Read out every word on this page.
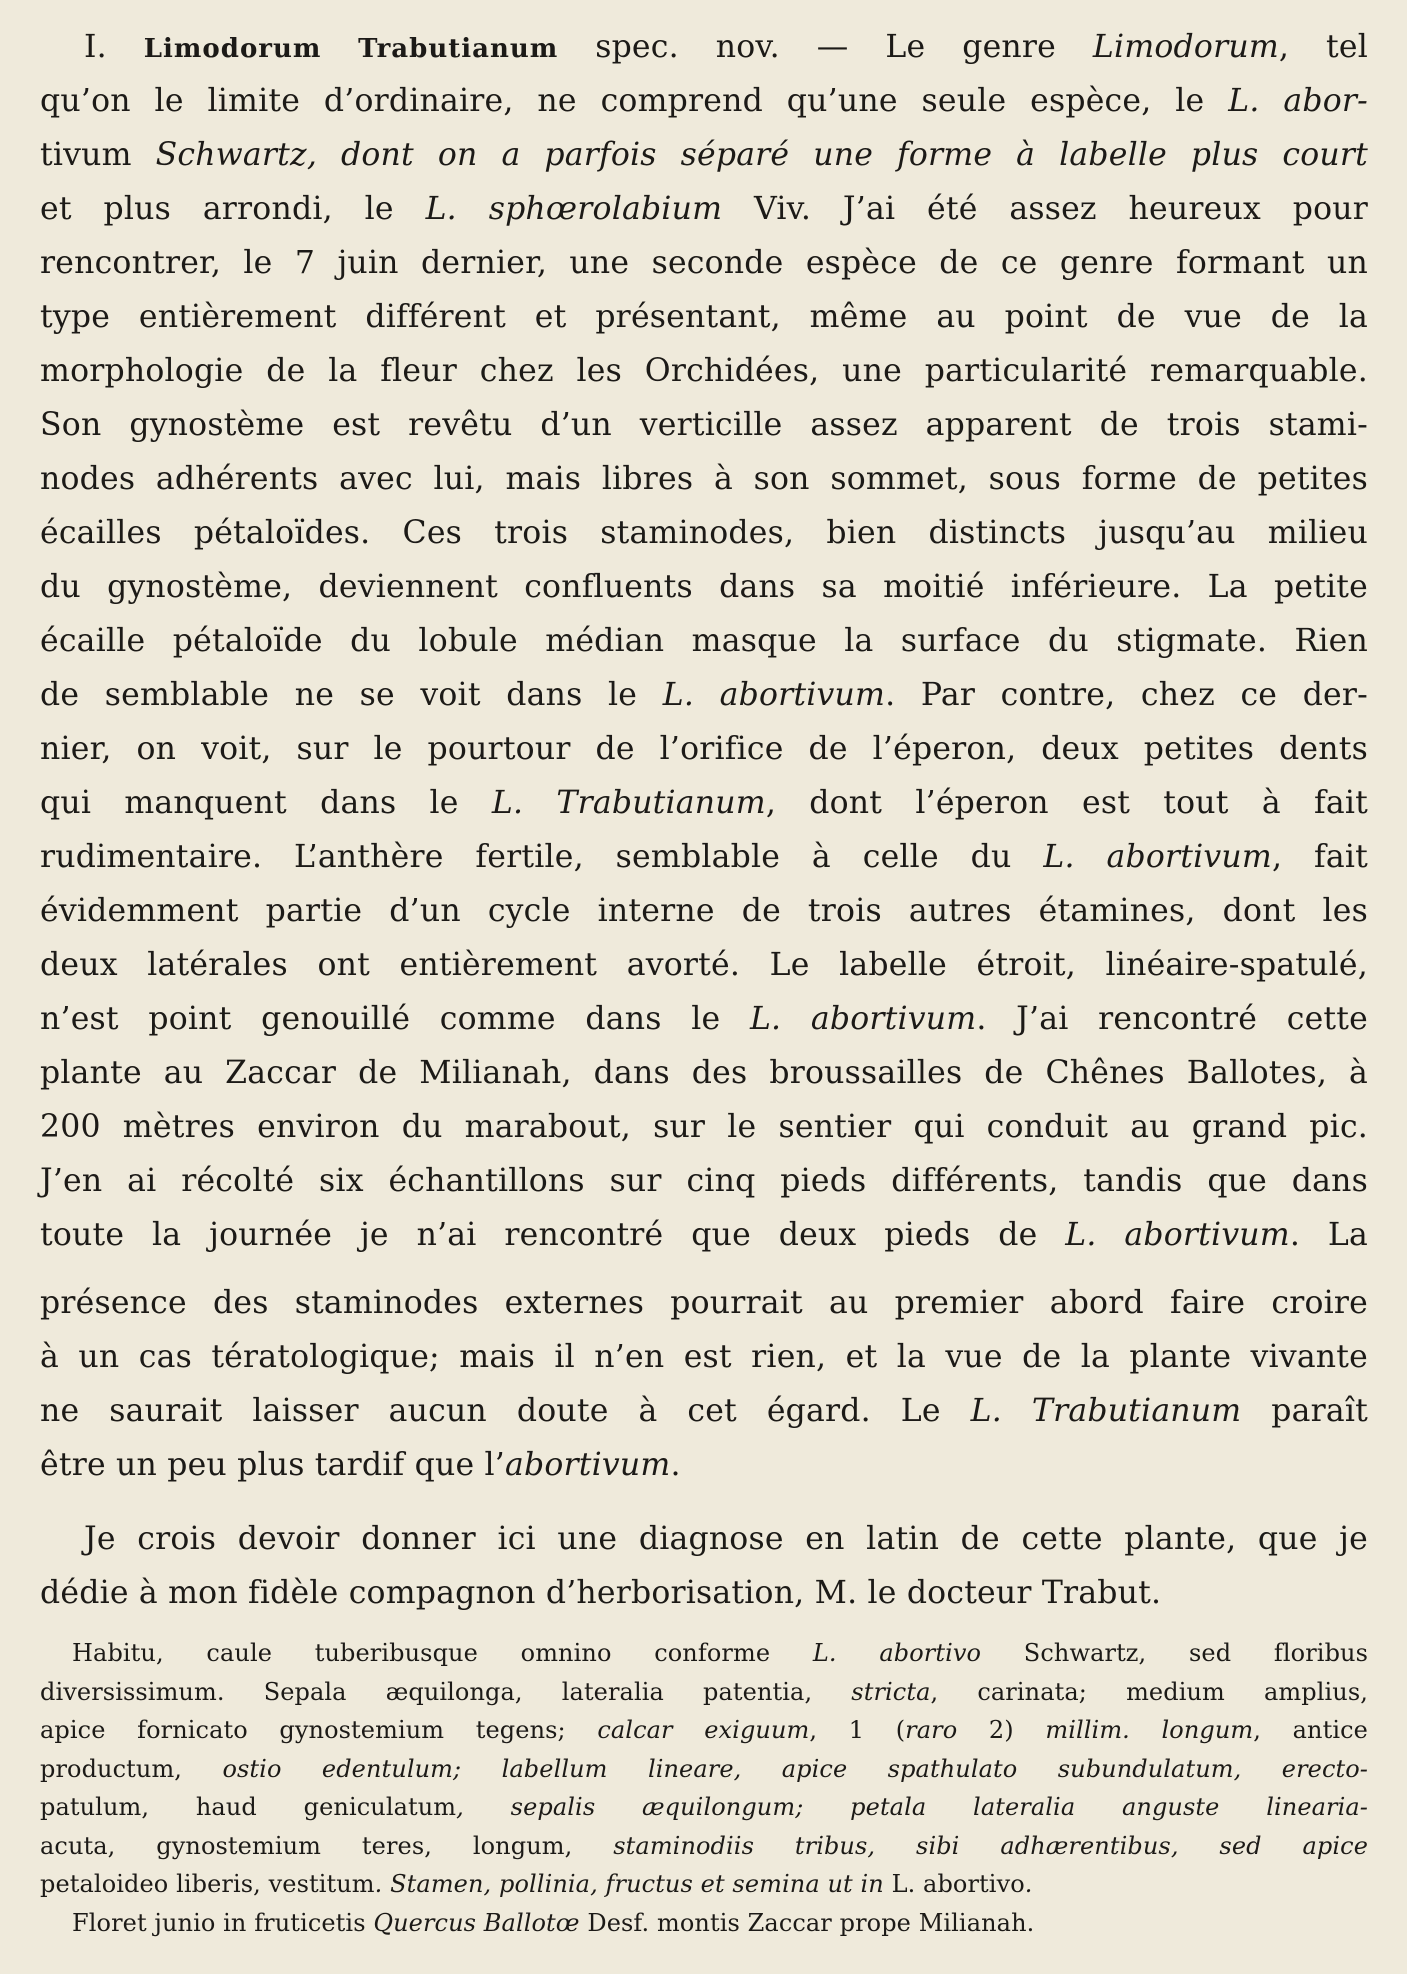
I. Limodorum Trabutianum spec. nov. — Le genre Limodorum, tel
qu’on le limite d’ordinaire, ne comprend qu’une seule espèce, le L. abor-
tivum Schwartz, dont on a parfois séparé une forme à labelle plus court
et plus arrondi, le L. sphœrolabium Viv. J’ai été assez heureux pour
rencontrer, le 7 juin dernier, une seconde espèce de ce genre formant un
type entièrement différent et présentant, même au point de vue de la
morphologie de la fleur chez les Orchidées, une particularité remarquable.
Son gynostème est revêtu d’un verticille assez apparent de trois stami-
nodes adhérents avec lui, mais libres à son sommet, sous forme de petites
écailles pétaloïdes. Ces trois staminodes, bien distincts jusqu’au milieu
du gynostème, deviennent confluents dans sa moitié inférieure. La petite
écaille pétaloïde du lobule médian masque la surface du stigmate. Rien
de semblable ne se voit dans le L. abortivum. Par contre, chez ce der-
nier, on voit, sur le pourtour de l’orifice de l’éperon, deux petites dents
qui manquent dans le L. Trabutianum, dont l’éperon est tout à fait
rudimentaire. L’anthère fertile, semblable à celle du L. abortivum, fait
évidemment partie d’un cycle interne de trois autres étamines, dont les
deux latérales ont entièrement avorté. Le labelle étroit, linéaire-spatulé,
n’est point genouillé comme dans le L. abortivum. J’ai rencontré cette
plante au Zaccar de Milianah, dans des broussailles de Chênes Ballotes, à
200 mètres environ du marabout, sur le sentier qui conduit au grand pic.
J’en ai récolté six échantillons sur cinq pieds différents, tandis que dans
toute la journée je n’ai rencontré que deux pieds de L. abortivum. La
présence des staminodes externes pourrait au premier abord faire croire
à un cas tératologique; mais il n’en est rien, et la vue de la plante vivante
ne saurait laisser aucun doute à cet égard. Le L. Trabutianum paraît
être un peu plus tardif que l’abortivum.
Je crois devoir donner ici une diagnose en latin de cette plante, que je
dédie à mon fidèle compagnon d’herborisation, M. le docteur Trabut.
Habitu, caule tuberibusque omnino conforme L. abortivo Schwartz, sed floribus
diversissimum. Sepala æquilonga, lateralia patentia, stricta, carinata; medium amplius,
apice fornicato gynostemium tegens; calcar exiguum, 1 (raro 2) millim. longum, antice
productum, ostio edentulum; labellum lineare, apice spathulato subundulatum, erecto-
patulum, haud geniculatum, sepalis æquilongum; petala lateralia anguste linearia-
acuta, gynostemium teres, longum, staminodiis tribus, sibi adhærentibus, sed apice
petaloideo liberis, vestitum. Stamen, pollinia, fructus et semina ut in L. abortivo.
Floret junio in fruticetis Quercus Ballotœ Desf. montis Zaccar prope Milianah.
